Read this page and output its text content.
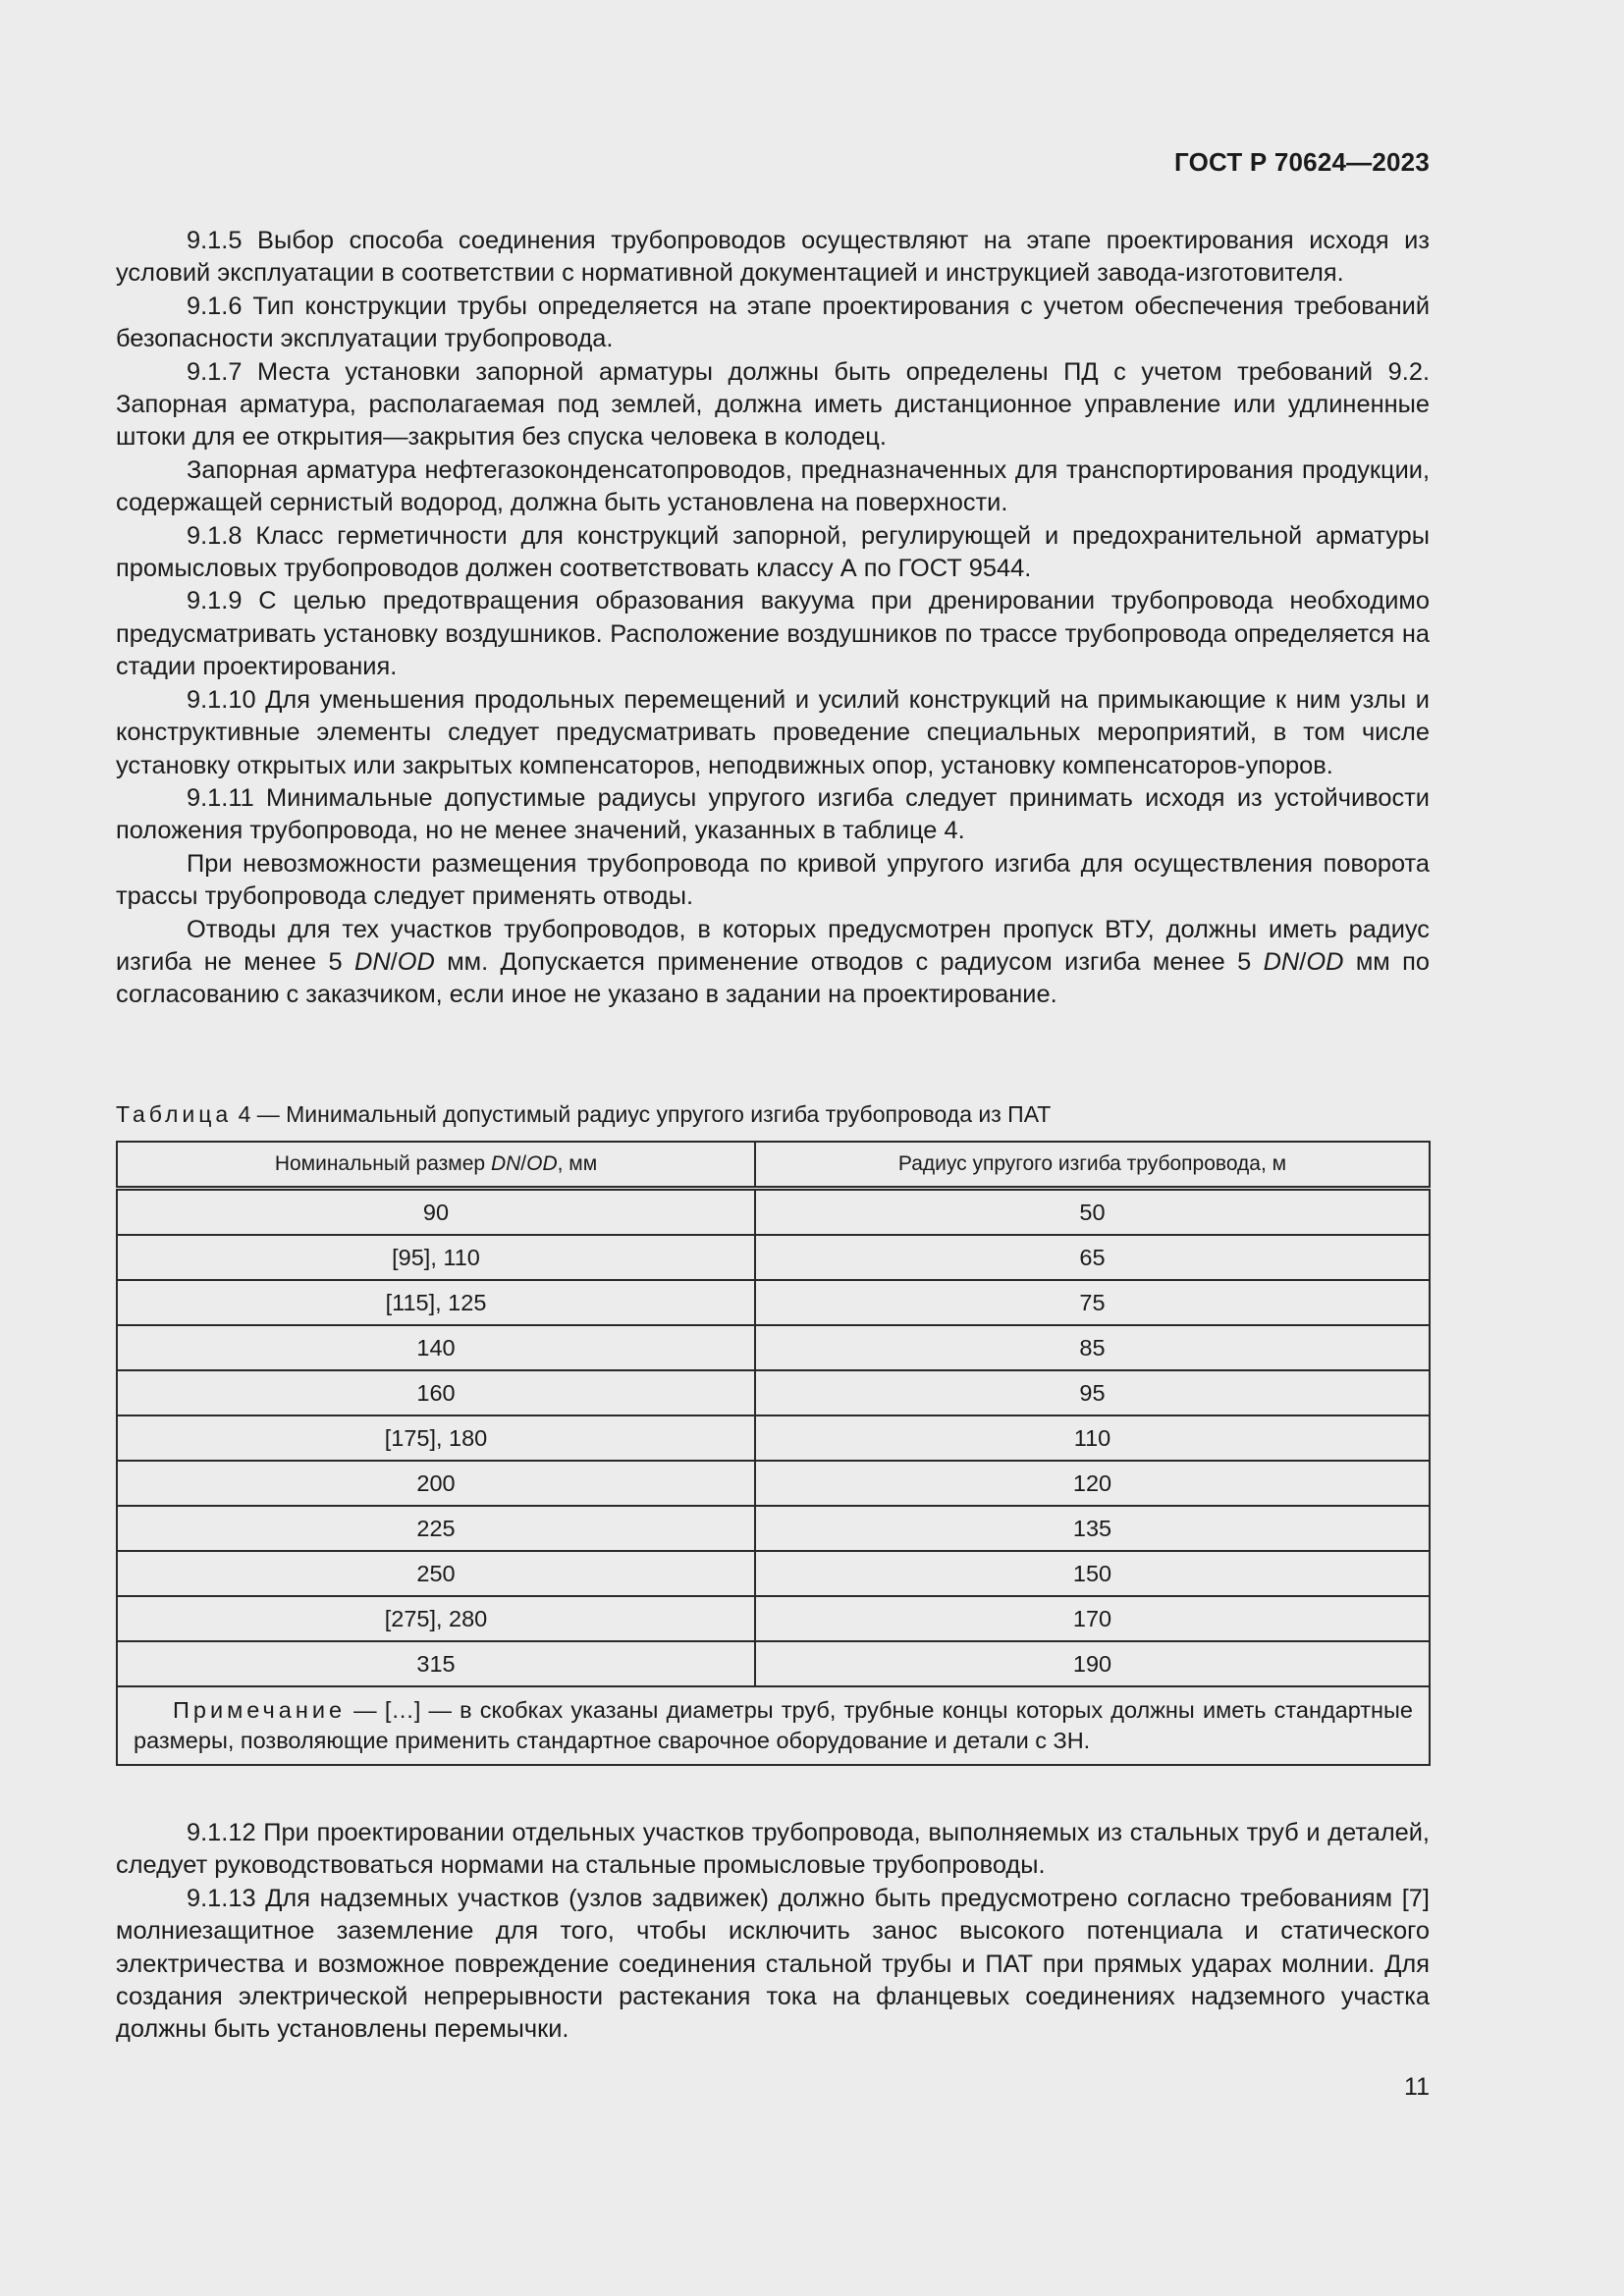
ГОСТ Р 70624—2023

9.1.5 Выбор способа соединения трубопроводов осуществляют на этапе проектирования исходя из условий эксплуатации в соответствии с нормативной документацией и инструкцией завода-изготовителя.

9.1.6 Тип конструкции трубы определяется на этапе проектирования с учетом обеспечения требований безопасности эксплуатации трубопровода.

9.1.7 Места установки запорной арматуры должны быть определены ПД с учетом требований 9.2. Запорная арматура, располагаемая под землей, должна иметь дистанционное управление или удлиненные штоки для ее открытия—закрытия без спуска человека в колодец.

Запорная арматура нефтегазоконденсатопроводов, предназначенных для транспортирования продукции, содержащей сернистый водород, должна быть установлена на поверхности.

9.1.8 Класс герметичности для конструкций запорной, регулирующей и предохранительной арматуры промысловых трубопроводов должен соответствовать классу А по ГОСТ 9544.

9.1.9 С целью предотвращения образования вакуума при дренировании трубопровода необходимо предусматривать установку воздушников. Расположение воздушников по трассе трубопровода определяется на стадии проектирования.

9.1.10 Для уменьшения продольных перемещений и усилий конструкций на примыкающие к ним узлы и конструктивные элементы следует предусматривать проведение специальных мероприятий, в том числе установку открытых или закрытых компенсаторов, неподвижных опор, установку компенсаторов-упоров.

9.1.11 Минимальные допустимые радиусы упругого изгиба следует принимать исходя из устойчивости положения трубопровода, но не менее значений, указанных в таблице 4.

При невозможности размещения трубопровода по кривой упругого изгиба для осуществления поворота трассы трубопровода следует применять отводы.

Отводы для тех участков трубопроводов, в которых предусмотрен пропуск ВТУ, должны иметь радиус изгиба не менее 5 DN/OD мм. Допускается применение отводов с радиусом изгиба менее 5 DN/OD мм по согласованию с заказчиком, если иное не указано в задании на проектирование.

Таблица 4 — Минимальный допустимый радиус упругого изгиба трубопровода из ПАТ
Номинальный размер DN/OD, мм	Радиус упругого изгиба трубопровода, м
90	50
[95], 110	65
[115], 125	75
140	85
160	95
[175], 180	110
200	120
225	135
250	150
[275], 280	170
315	190
Примечание — […] — в скобках указаны диаметры труб, трубные концы которых должны иметь стандартные размеры, позволяющие применить стандартное сварочное оборудование и детали с ЗН.	

9.1.12 При проектировании отдельных участков трубопровода, выполняемых из стальных труб и деталей, следует руководствоваться нормами на стальные промысловые трубопроводы.

9.1.13 Для надземных участков (узлов задвижек) должно быть предусмотрено согласно требованиям [7] молниезащитное заземление для того, чтобы исключить занос высокого потенциала и статического электричества и возможное повреждение соединения стальной трубы и ПАТ при прямых ударах молнии. Для создания электрической непрерывности растекания тока на фланцевых соединениях надземного участка должны быть установлены перемычки.

11
